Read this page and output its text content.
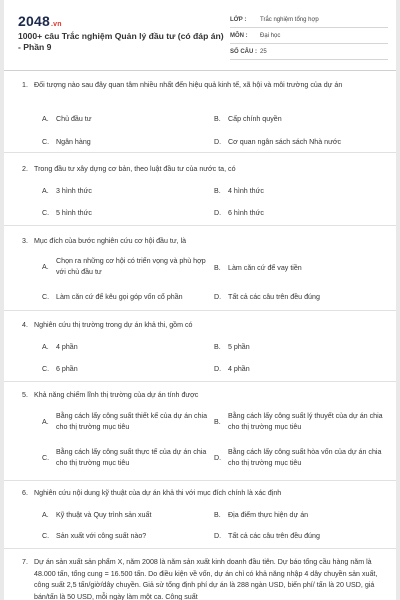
2048.vn
1000+ câu Trắc nghiệm Quản lý đầu tư (có đáp án) - Phần 9
LỚP :	Trắc nghiệm tổng hợp
MÔN :	Đại học
SỐ CÂU : 25
1. Đối tượng nào sau đây quan tâm nhiều nhất đến hiệu quả kinh tế, xã hội và môi trường của dự án
A.	Chủ đầu tư	B.	Cấp chính quyền
C. Ngân hàng	D. Cơ quan ngân sách sách Nhà nước
2. Trong đầu tư xây dựng cơ bản, theo luật đầu tư của nước ta, có
A.	3 hình thức	B.	4 hình thức
C. 5 hình thức	D. 6 hình thức
3. Mục đích của bước nghiên cứu cơ hội đầu tư, là
A.
Chọn ra những cơ hội có triển vọng và phù hợp với chủ đầu tư	B.	Làm căn cứ để vay tiền
C. Làm căn cứ để kêu gọi góp vốn cổ phần	D. Tất cả các câu trên đều đúng
4. Nghiên cứu thị trường trong dự án khả thi, gồm có
A.	4 phần	B.	5 phần
C. 6 phần	D. 4 phần
5. Khả năng chiếm lĩnh thị trường của dự án tính được
A.
Bằng cách lấy công suất thiết kế của dự án chia cho thị trường mục tiêu
B.
Bằng cách lấy công suất lý thuyết của dự án chia cho thị trường mục tiêu
C.
Bằng cách lấy công suất thực tế của dự án chia cho thị trường mục tiêu
D.
Bằng cách lấy công suất hòa vốn của dự án chia cho thị trường mục tiêu
6. Nghiên cứu nội dung kỹ thuật của dự án khả thi với mục đích chính là xác định
A.	Kỹ thuật và Quy trình sản xuất	B.	Địa điểm thực hiện dự án
C. Sản xuất với công suất nào?	D. Tất cả các câu trên đều đúng
7. Dự án sản xuất sản phẩm X, năm 2008 là năm sản xuất kinh doanh đầu tiên. Dự báo tổng cầu hàng năm là 48.000 tấn, tổng cung = 16.500 tấn. Do điều kiện về vốn, dự án chỉ có khả năng nhập 4 dây chuyền sản xuất, công suất 2,5 tấn/giờ/dây chuyền. Giả sử tổng định phí dự án là 288 ngàn USD, biến phí/ tấn là 20 USD, giá bán/tấn là 50 USD, mỗi ngày làm một ca. Công suất
